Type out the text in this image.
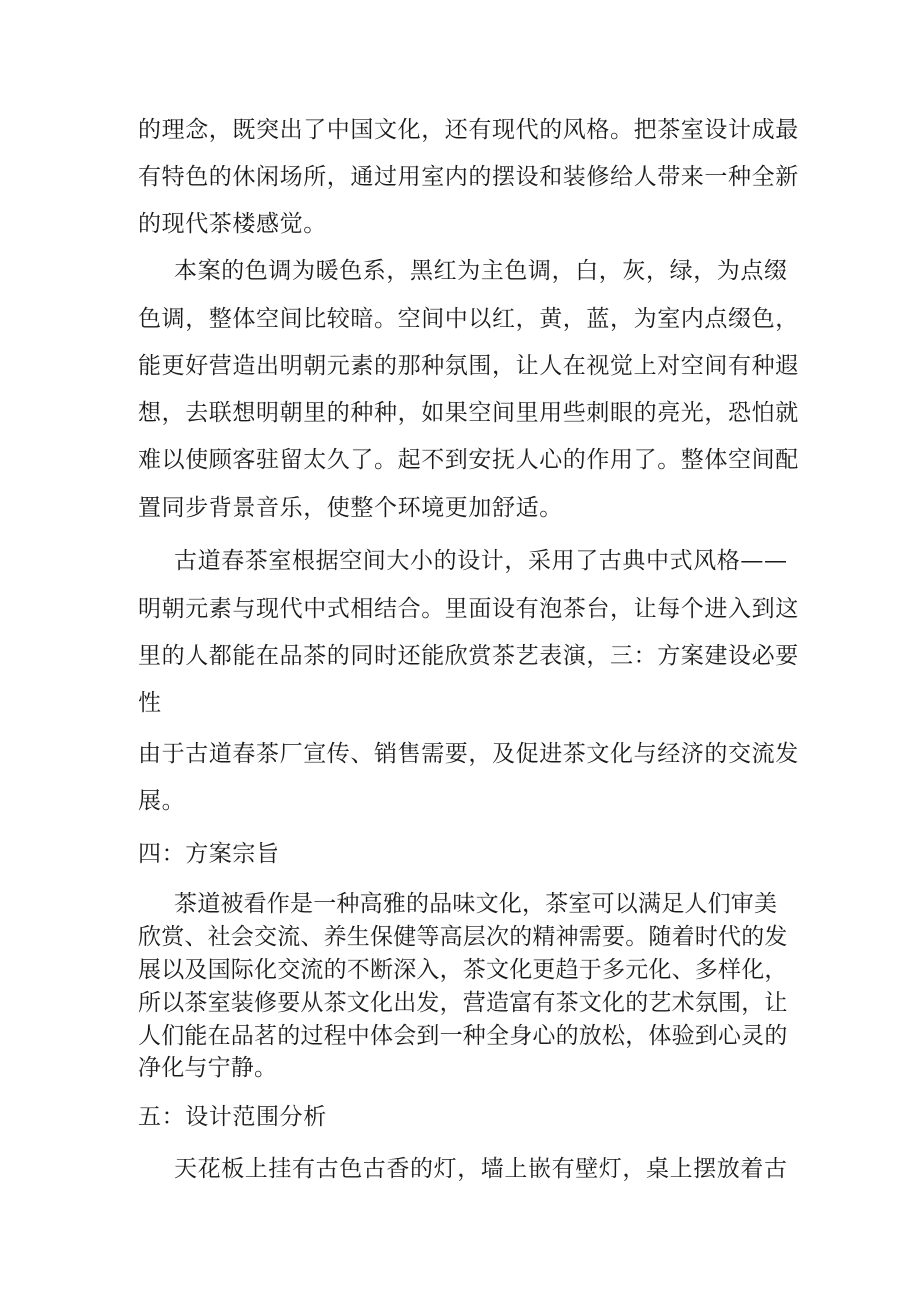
的理念，既突出了中国文化，还有现代的风格。把茶室设计成最

有特色的休闲场所，通过用室内的摆设和装修给人带来一种全新

的现代茶楼感觉。

本案的色调为暖色系，黑红为主色调，白，灰，绿，为点缀

色调，整体空间比较暗。空间中以红，黄，蓝，为室内点缀色，

能更好营造出明朝元素的那种氛围，让人在视觉上对空间有种遐

想，去联想明朝里的种种，如果空间里用些刺眼的亮光，恐怕就

难以使顾客驻留太久了。起不到安抚人心的作用了。整体空间配

置同步背景音乐，使整个环境更加舒适。

古道春茶室根据空间大小的设计，采用了古典中式风格——

明朝元素与现代中式相结合。里面设有泡茶台，让每个进入到这

里的人都能在品茶的同时还能欣赏茶艺表演，三：方案建设必要

性

由于古道春茶厂宣传、销售需要，及促进茶文化与经济的交流发

展。

四：方案宗旨

茶道被看作是一种高雅的品味文化，茶室可以满足人们审美

欣赏、社会交流、养生保健等高层次的精神需要。随着时代的发

展以及国际化交流的不断深入，茶文化更趋于多元化、多样化，

所以茶室装修要从茶文化出发，营造富有茶文化的艺术氛围，让

人们能在品茗的过程中体会到一种全身心的放松，体验到心灵的

净化与宁静。

五：设计范围分析

天花板上挂有古色古香的灯，墙上嵌有壁灯，桌上摆放着古
